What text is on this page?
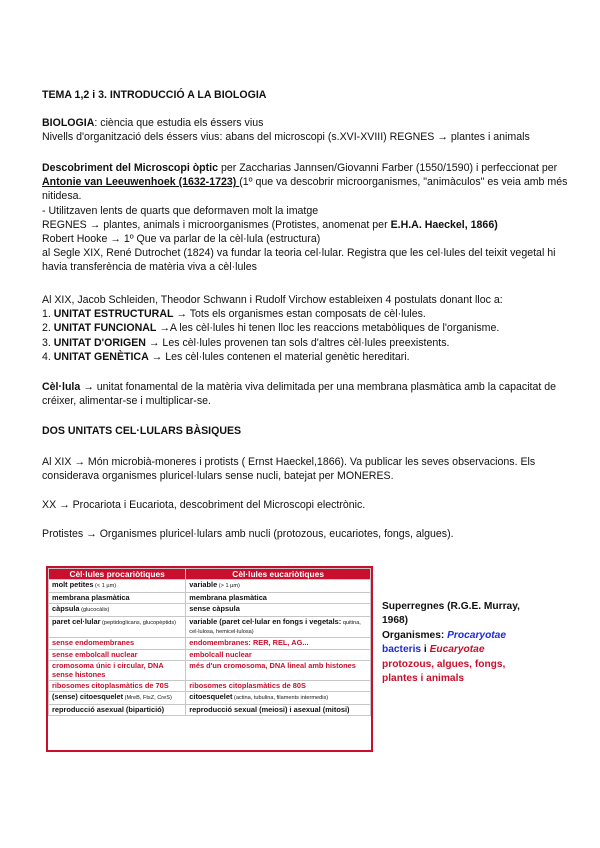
TEMA 1,2 i 3. INTRODUCCIÓ A LA BIOLOGIA

BIOLOGIA: ciència que estudia els éssers vius
Nivells d'organització dels éssers vius: abans del microscopi (s.XVI-XVIII) REGNES → plantes i animals

Descobriment del Microscopi òptic per Zaccharias Jannsen/Giovanni Farber (1550/1590) i perfeccionat per Antonie van Leeuwenhoek (1632-1723) (1º que va descobrir microorganismes, "animàculos" es veia amb més nitidesa.
- Utilitzaven lents de quarts que deformaven molt la imatge
REGNES → plantes, animals i microorganismes (Protistes, anomenat per E.H.A. Haeckel, 1866)
Robert Hooke → 1º Que va parlar de la cèl·lula (estructura)
al Segle XIX, René Dutrochet (1824) va fundar la teoria cel·lular. Registra que les cel·lules del teixit vegetal hi havia transferència de matèria viva a cèl·lules

Al XIX, Jacob Schleiden, Theodor Schwann i Rudolf Virchow estableixen 4 postulats donant lloc a:
1. UNITAT ESTRUCTURAL → Tots els organismes estan composats de cèl·lules.
2. UNITAT FUNCIONAL →A les cèl·lules hi tenen lloc les reaccions metabòliques de l'organisme.
3. UNITAT D'ORIGEN → Les cèl·lules provenen tan sols d'altres cèl·lules preexistents.
4. UNITAT GENÈTICA → Les cèl·lules contenen el material genètic hereditari.

Cèl·lula → unitat fonamental de la matèria viva delimitada per una membrana plasmàtica amb la capacitat de créixer, alimentar-se i multiplicar-se.

DOS UNITATS CEL·LULARS BÀSIQUES

Al XIX → Món microbià-moneres i protists ( Ernst Haeckel,1866). Va publicar les seves observacions. Els considerava organismes pluricel·lulars sense nucli, batejat per MONERES.

XX → Procariota i Eucariota, descobriment del Microscopi electrònic.

Protistes → Organismes pluricel·lulars amb nucli (protozous, eucariotes, fongs, algues).

Cèl·lules procariòtiques	Cèl·lules eucariòtiques
molt petites (< 1 µm)	variable (> 1 µm)
membrana plasmàtica	membrana plasmàtica
càpsula (glucocàlix)	sense càpsula
paret cel·lular (peptidoglicans, glucopèptids)	variable (paret cel·lular en fongs i vegetals: quitina, cel·lulosa, hemicel·lulosa)
sense endomembranes	endomembranes: RER, REL, AG...
sense embolcall nuclear	embolcall nuclear
cromosoma únic i circular, DNA sense histones	més d'un cromosoma, DNA lineal amb histones
ribosomes citoplasmàtics de 70S	ribosomes citoplasmàtics de 80S
(sense) citoesquelet (MreB, FtsZ, CreS)	citoesquelet (actina, tubulina, filaments intermedis)
reproducció asexual (bipartició)	reproducció sexual (meiosi) i asexual (mitosi)
Superregnes (R.G.E. Murray, 1968)
Organismes: Procaryotae bacteris i Eucaryotae protozous, algues, fongs, plantes i animals
